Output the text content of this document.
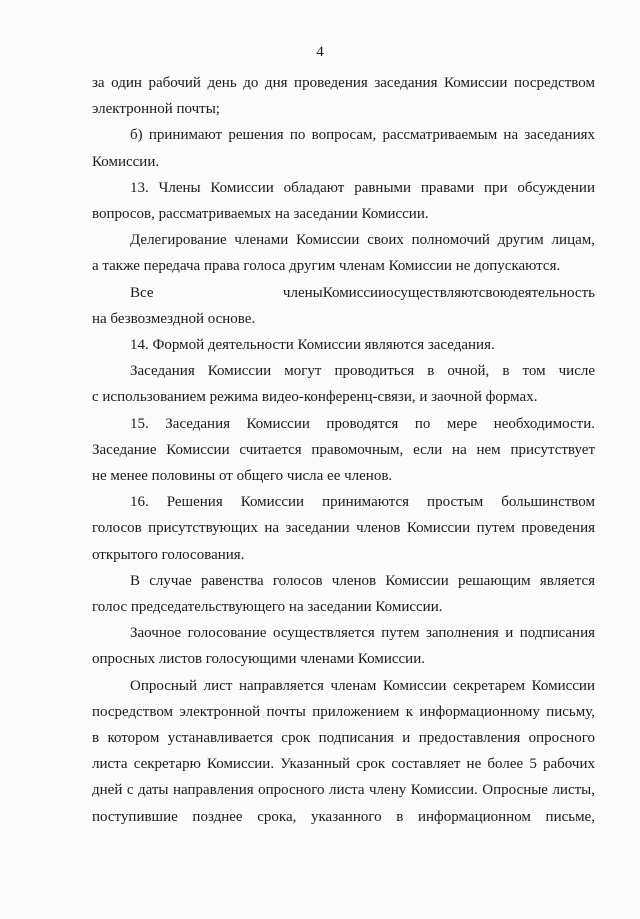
4
за один рабочий день до дня проведения заседания Комиссии посредством
электронной почты;
б) принимают решения по вопросам, рассматриваемым на заседаниях
Комиссии.
13. Члены Комиссии обладают равными правами при обсуждении
вопросов, рассматриваемых на заседании Комиссии.
Делегирование членами Комиссии своих полномочий другим лицам,
а также передача права голоса другим членам Комиссии не допускаются.
Все членыКомиссииосуществляютсвоюдеятельность
на безвозмездной основе.
14. Формой деятельности Комиссии являются заседания.
Заседания Комиссии могут проводиться в очной, в том числе
с использованием режима видео-конференц-связи, и заочной формах.
15. Заседания Комиссии проводятся по мере необходимости.
Заседание Комиссии считается правомочным, если на нем присутствует
не менее половины от общего числа ее членов.
16. Решения Комиссии принимаются простым большинством
голосов присутствующих на заседании членов Комиссии путем проведения
открытого голосования.
В случае равенства голосов членов Комиссии решающим является
голос председательствующего на заседании Комиссии.
Заочное голосование осуществляется путем заполнения и подписания
опросных листов голосующими членами Комиссии.
Опросный лист направляется членам Комиссии секретарем Комиссии
посредством электронной почты приложением к информационному письму,
в котором устанавливается срок подписания и предоставления опросного
листа секретарю Комиссии. Указанный срок составляет не более 5 рабочих
дней с даты направления опросного листа члену Комиссии. Опросные листы,
поступившие позднее срока, указанного в информационном письме,
